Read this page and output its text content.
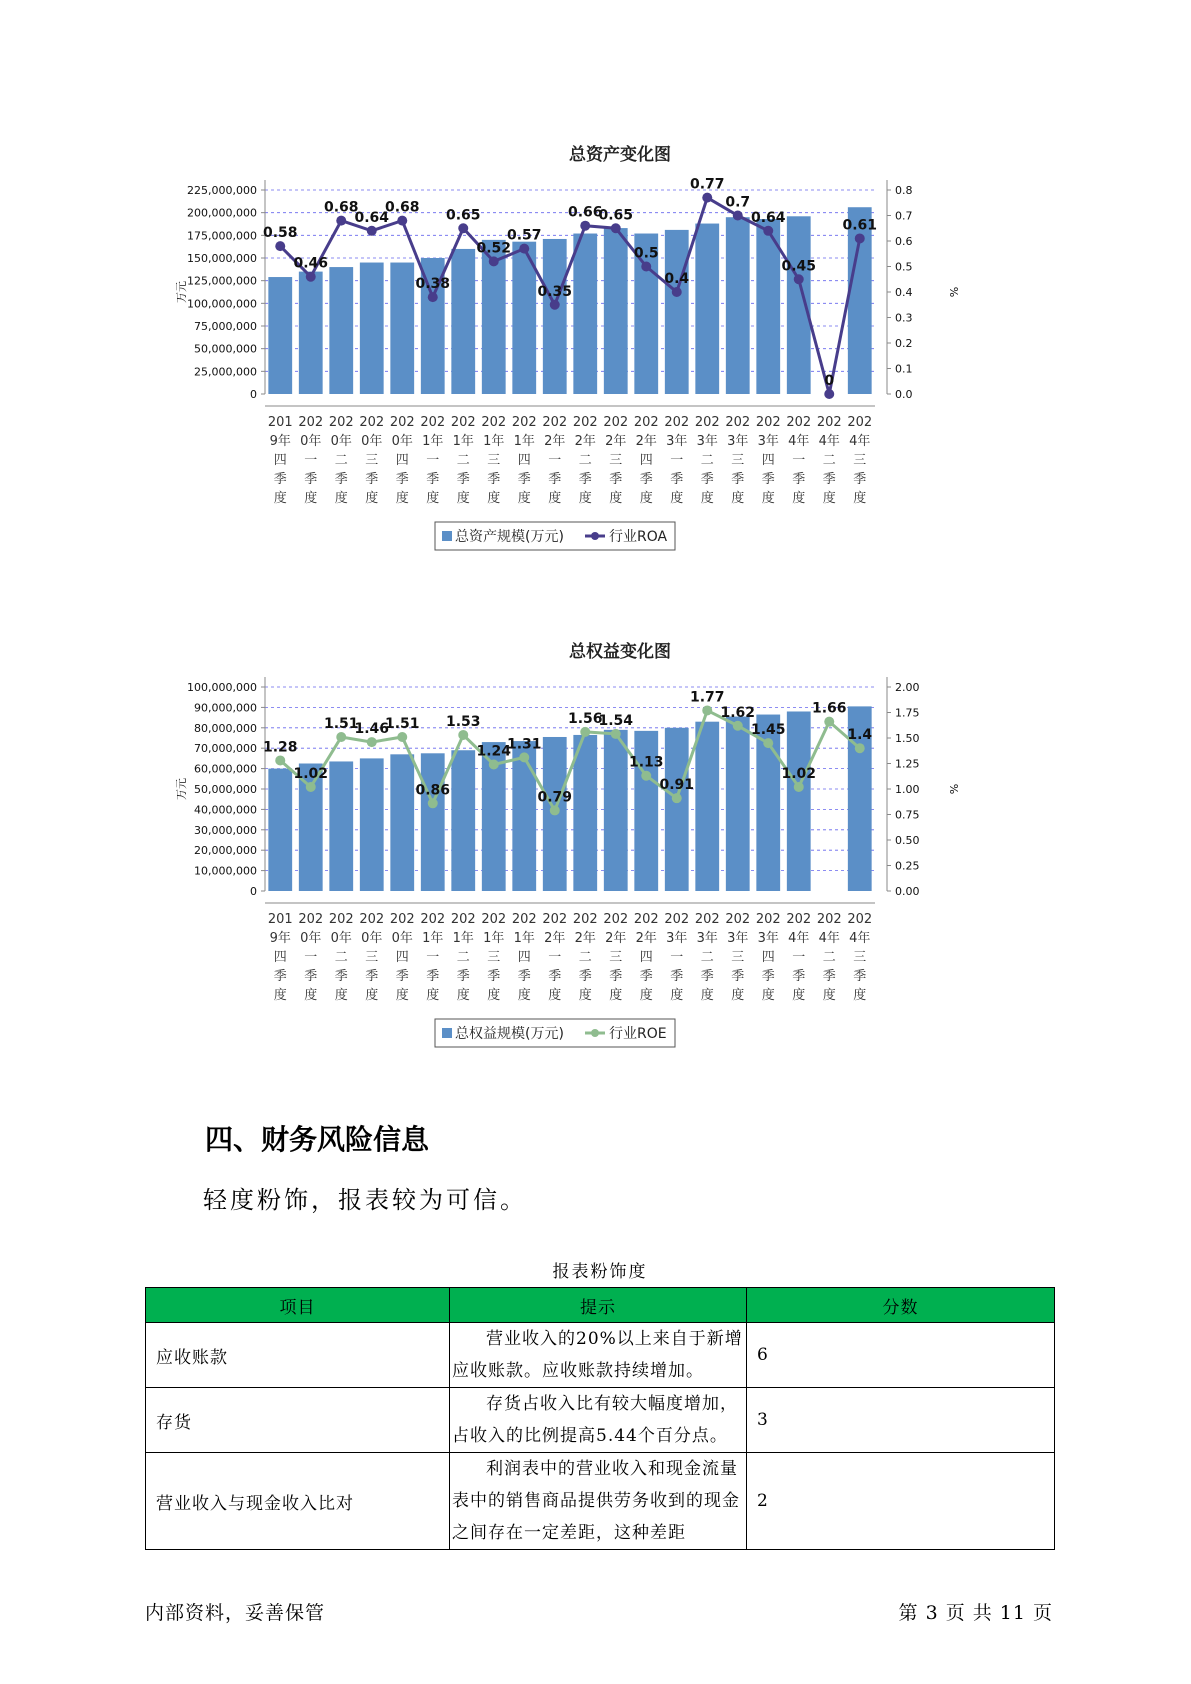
总资产变化图
0
25,000,000
50,000,000
75,000,000
100,000,000
125,000,000
150,000,000
175,000,000
200,000,000
225,000,000
0.0
0.1
0.2
0.3
0.4
0.5
0.6
0.7
0.8
万元	%
201
9年
四
季
度
202
0年
一
季
度
202
0年
二
季
度
202
0年
三
季
度
202
0年
四
季
度
202
1年
一
季
度
202
1年
二
季
度
202
1年
三
季
度
202
1年
四
季
度
202
2年
一
季
度
202
2年
二
季
度
202
2年
三
季
度
202
2年
四
季
度
202
3年
一
季
度
202
3年
二
季
度
202
3年
三
季
度
202
3年
四
季
度
202
4年
一
季
度
202
4年
二
季
度
202
4年
三
季
度
0.58
0.46
0.68
0.64
0.68
0.38
0.65
0.52
0.57
0.35
0.66
0.65
0.5
0.4
0.77
0.7
0.64
0.45
0
0.61
总资产规模(万元)	行业ROA
总权益变化图
0
10,000,000
20,000,000
30,000,000
40,000,000
50,000,000
60,000,000
70,000,000
80,000,000
90,000,000
100,000,000
0.00
0.25
0.50
0.75
1.00
1.25
1.50
1.75
2.00
万元	%
201
9年
四
季
度
202
0年
一
季
度
202
0年
二
季
度
202
0年
三
季
度
202
0年
四
季
度
202
1年
一
季
度
202
1年
二
季
度
202
1年
三
季
度
202
1年
四
季
度
202
2年
一
季
度
202
2年
二
季
度
202
2年
三
季
度
202
2年
四
季
度
202
3年
一
季
度
202
3年
二
季
度
202
3年
三
季
度
202
3年
四
季
度
202
4年
一
季
度
202
4年
二
季
度
202
4年
三
季
度
1.28
1.02
1.51
1.46
1.51
0.86
1.53
1.24
1.31
0.79
1.56
1.54
1.13
0.91
1.77
1.62
1.45
1.02
1.66
1.4
总权益规模(万元)	行业ROE
四、财务风险信息

轻度粉饰，报表较为可信。

报表粉饰度
项目	提示	分数
应收账款	营业收入的20%以上来自于新增应收账款。应收账款持续增加。	6
存货	存货占收入比有较大幅度增加，占收入的比例提高5.44个百分点。	3
营业收入与现金收入比对	利润表中的营业收入和现金流量表中的销售商品提供劳务收到的现金之间存在一定差距，这种差距	2
内部资料，妥善保管	第 3 页 共 11 页
